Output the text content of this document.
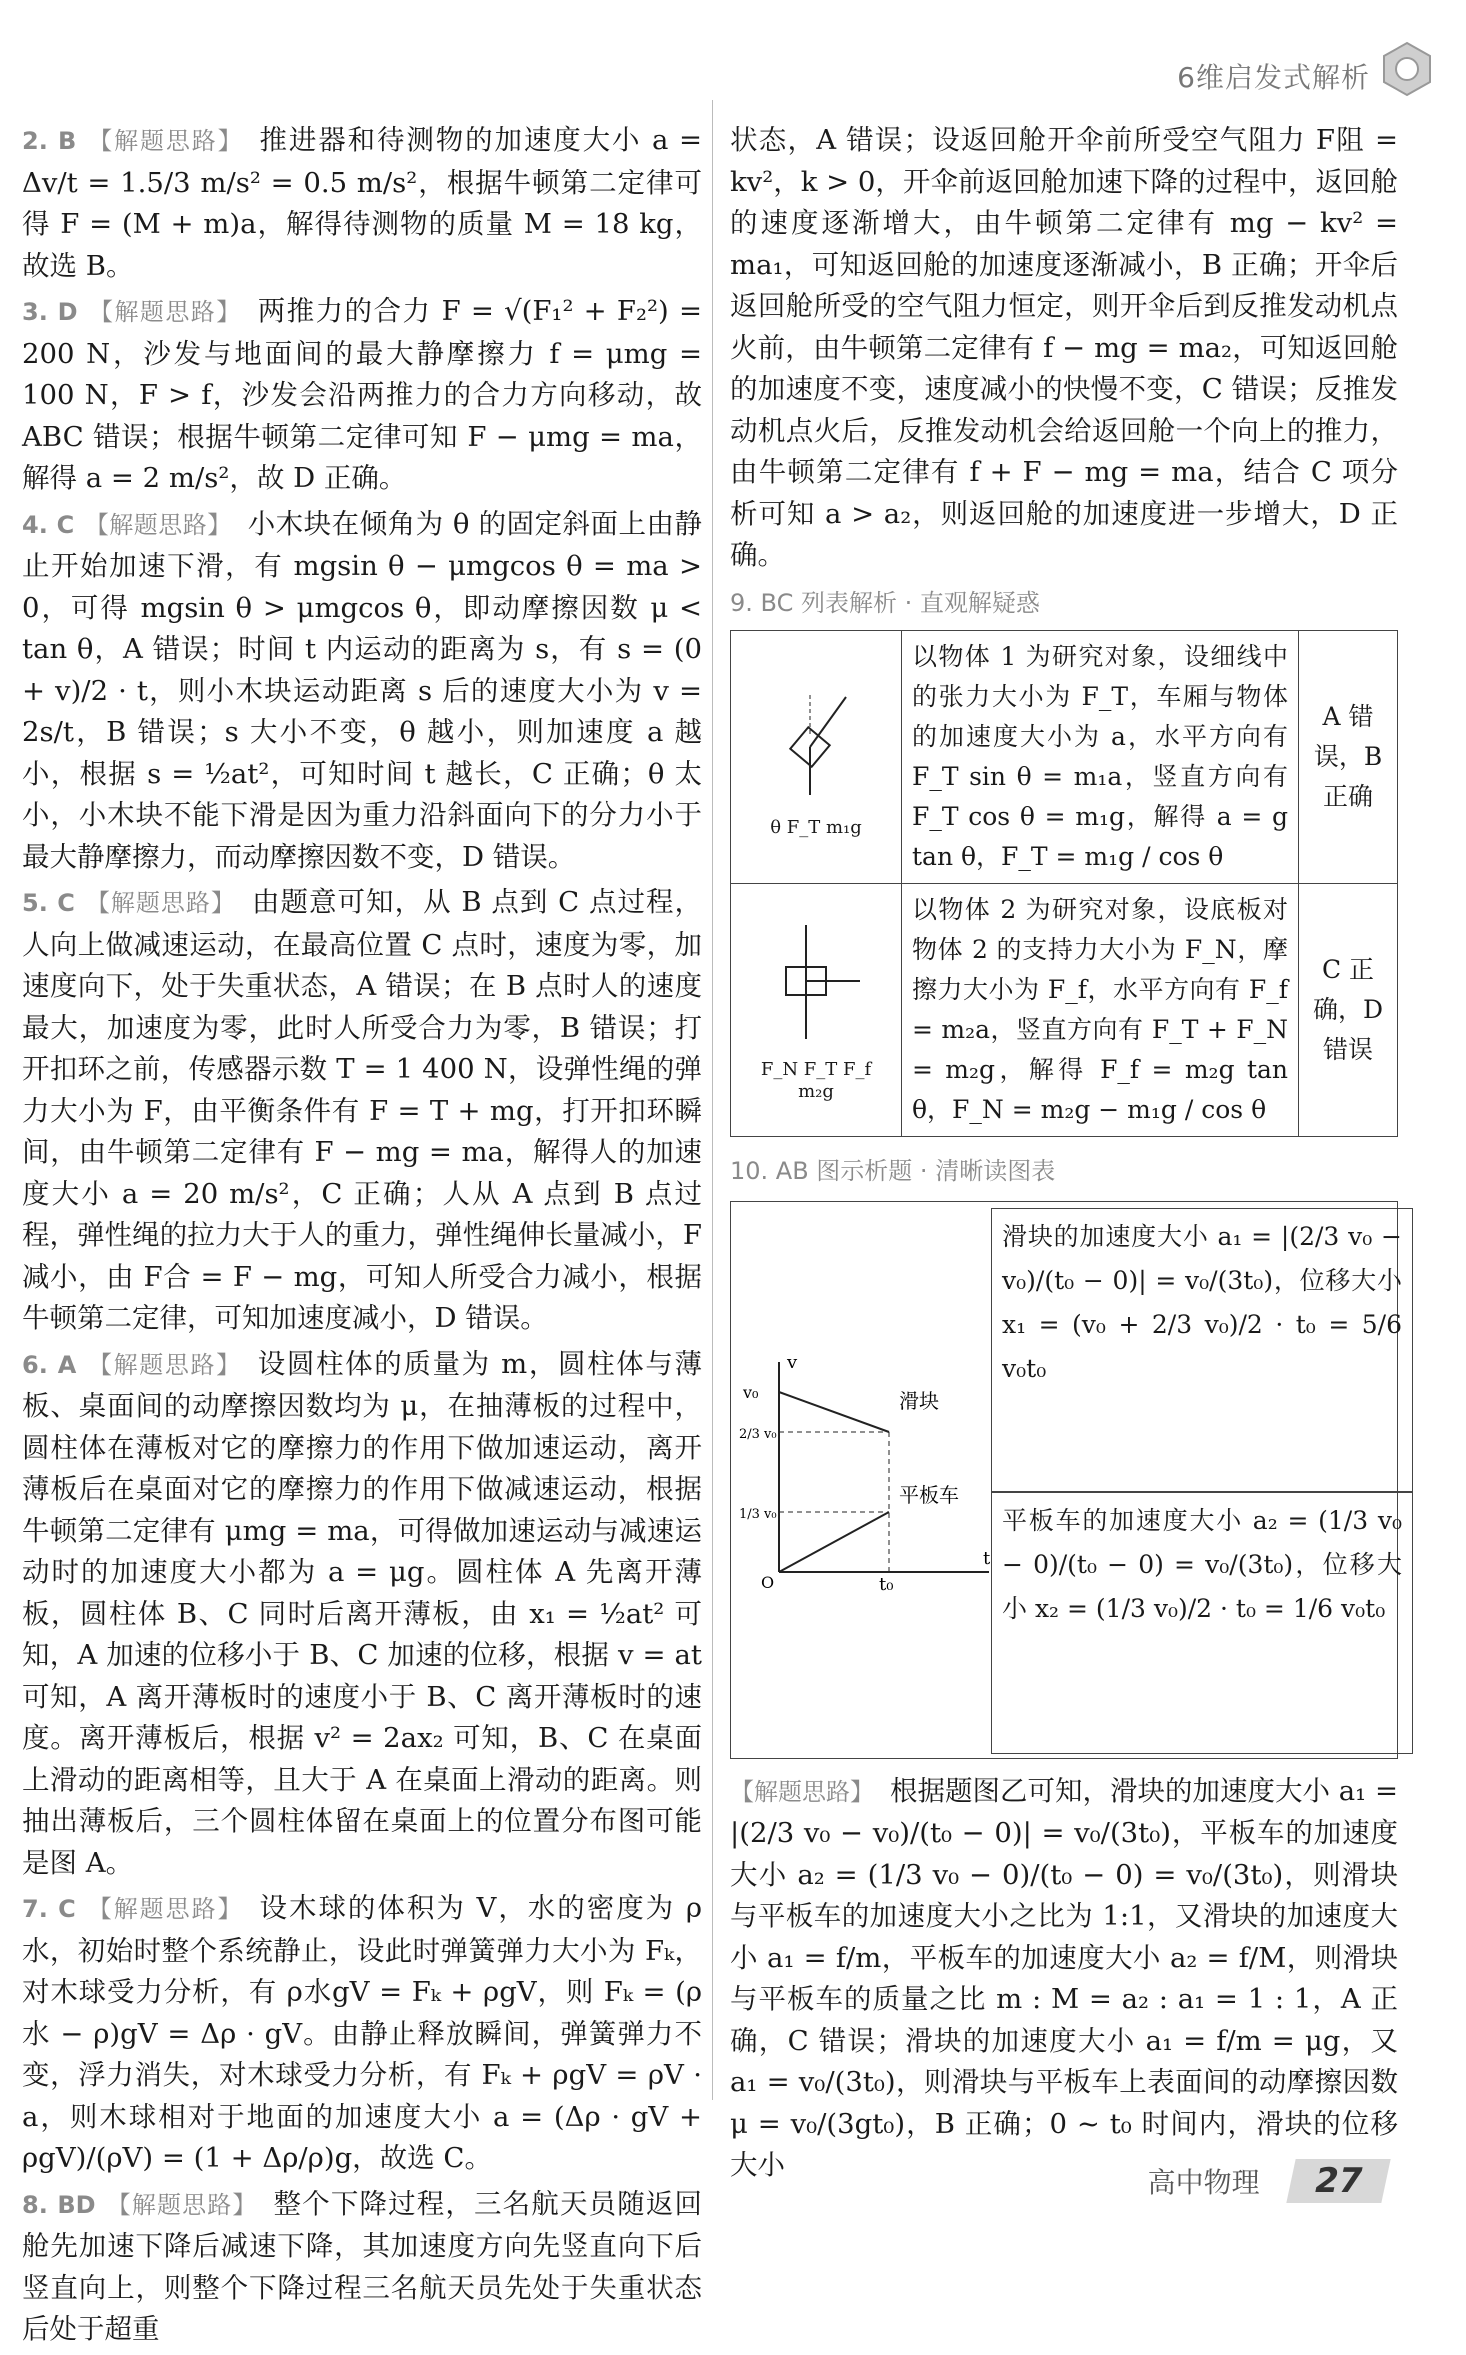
6维启发式解析

2. B 【解题思路】 推进器和待测物的加速度大小 a = Δv/t = 1.5/3 m/s² = 0.5 m/s²，根据牛顿第二定律可得 F = (M + m)a，解得待测物的质量 M = 18 kg，故选 B。

3. D 【解题思路】 两推力的合力 F = √(F₁² + F₂²) = 200 N，沙发与地面间的最大静摩擦力 f = μmg = 100 N，F > f，沙发会沿两推力的合力方向移动，故 ABC 错误；根据牛顿第二定律可知 F − μmg = ma，解得 a = 2 m/s²，故 D 正确。

4. C 【解题思路】 小木块在倾角为 θ 的固定斜面上由静止开始加速下滑，有 mgsin θ − μmgcos θ = ma > 0，可得 mgsin θ > μmgcos θ，即动摩擦因数 μ < tan θ，A 错误；时间 t 内运动的距离为 s，有 s = (0 + v)/2 · t，则小木块运动距离 s 后的速度大小为 v = 2s/t，B 错误；s 大小不变，θ 越小，则加速度 a 越小，根据 s = ½at²，可知时间 t 越长，C 正确；θ 太小，小木块不能下滑是因为重力沿斜面向下的分力小于最大静摩擦力，而动摩擦因数不变，D 错误。

5. C 【解题思路】 由题意可知，从 B 点到 C 点过程，人向上做减速运动，在最高位置 C 点时，速度为零，加速度向下，处于失重状态，A 错误；在 B 点时人的速度最大，加速度为零，此时人所受合力为零，B 错误；打开扣环之前，传感器示数 T = 1 400 N，设弹性绳的弹力大小为 F，由平衡条件有 F = T + mg，打开扣环瞬间，由牛顿第二定律有 F − mg = ma，解得人的加速度大小 a = 20 m/s²，C 正确；人从 A 点到 B 点过程，弹性绳的拉力大于人的重力，弹性绳伸长量减小，F 减小，由 F合 = F − mg，可知人所受合力减小，根据牛顿第二定律，可知加速度减小，D 错误。

6. A 【解题思路】 设圆柱体的质量为 m，圆柱体与薄板、桌面间的动摩擦因数均为 μ，在抽薄板的过程中，圆柱体在薄板对它的摩擦力的作用下做加速运动，离开薄板后在桌面对它的摩擦力的作用下做减速运动，根据牛顿第二定律有 μmg = ma，可得做加速运动与减速运动时的加速度大小都为 a = μg。圆柱体 A 先离开薄板，圆柱体 B、C 同时后离开薄板，由 x₁ = ½at² 可知，A 加速的位移小于 B、C 加速的位移，根据 v = at 可知，A 离开薄板时的速度小于 B、C 离开薄板时的速度。离开薄板后，根据 v² = 2ax₂ 可知，B、C 在桌面上滑动的距离相等，且大于 A 在桌面上滑动的距离。则抽出薄板后，三个圆柱体留在桌面上的位置分布图可能是图 A。

7. C 【解题思路】 设木球的体积为 V，水的密度为 ρ水，初始时整个系统静止，设此时弹簧弹力大小为 Fₖ，对木球受力分析，有 ρ水gV = Fₖ + ρgV，则 Fₖ = (ρ水 − ρ)gV = Δρ · gV。由静止释放瞬间，弹簧弹力不变，浮力消失，对木球受力分析，有 Fₖ + ρgV = ρV · a，则木球相对于地面的加速度大小 a = (Δρ · gV + ρgV)/(ρV) = (1 + Δρ/ρ)g，故选 C。

8. BD 【解题思路】 整个下降过程，三名航天员随返回舱先加速下降后减速下降，其加速度方向先竖直向下后竖直向上，则整个下降过程三名航天员先处于失重状态后处于超重

状态，A 错误；设返回舱开伞前所受空气阻力 F阻 = kv²，k > 0，开伞前返回舱加速下降的过程中，返回舱的速度逐渐增大，由牛顿第二定律有 mg − kv² = ma₁，可知返回舱的加速度逐渐减小，B 正确；开伞后返回舱所受的空气阻力恒定，则开伞后到反推发动机点火前，由牛顿第二定律有 f − mg = ma₂，可知返回舱的加速度不变，速度减小的快慢不变，C 错误；反推发动机点火后，反推发动机会给返回舱一个向上的推力，由牛顿第二定律有 f + F − mg = ma，结合 C 项分析可知 a > a₂，则返回舱的加速度进一步增大，D 正确。

9. BC 列表解析 · 直观解疑惑
θ F_T m₁g	以物体 1 为研究对象，设细线中的张力大小为 F_T，车厢与物体的加速度大小为 a，水平方向有 F_T sin θ = m₁a，竖直方向有 F_T cos θ = m₁g，解得 a = g tan θ，F_T = m₁g / cos θ	A 错误，B 正确

F_N F_T F_f m₂g	以物体 2 为研究对象，设底板对物体 2 的支持力大小为 F_N，摩擦力大小为 F_f，水平方向有 F_f = m₂a，竖直方向有 F_T + F_N = m₂g，解得 F_f = m₂g tan θ，F_N = m₂g − m₁g / cos θ	C 正确，D 错误
10. AB 图示析题 · 清晰读图表
v
t
t₀
v₀
2/3 v₀
1/3 v₀
O
滑块
平板车
滑块的加速度大小 a₁ = |(2/3 v₀ − v₀)/(t₀ − 0)| = v₀/(3t₀)，位移大小 x₁ = (v₀ + 2/3 v₀)/2 · t₀ = 5/6 v₀t₀
平板车的加速度大小 a₂ = (1/3 v₀ − 0)/(t₀ − 0) = v₀/(3t₀)，位移大小 x₂ = (1/3 v₀)/2 · t₀ = 1/6 v₀t₀

【解题思路】 根据题图乙可知，滑块的加速度大小 a₁ = |(2/3 v₀ − v₀)/(t₀ − 0)| = v₀/(3t₀)，平板车的加速度大小 a₂ = (1/3 v₀ − 0)/(t₀ − 0) = v₀/(3t₀)，则滑块与平板车的加速度大小之比为 1:1，又滑块的加速度大小 a₁ = f/m，平板车的加速度大小 a₂ = f/M，则滑块与平板车的质量之比 m : M = a₂ : a₁ = 1 : 1，A 正确，C 错误；滑块的加速度大小 a₁ = f/m = μg，又 a₁ = v₀/(3t₀)，则滑块与平板车上表面间的动摩擦因数 μ = v₀/(3gt₀)，B 正确；0 ~ t₀ 时间内，滑块的位移大小

高中物理 27
